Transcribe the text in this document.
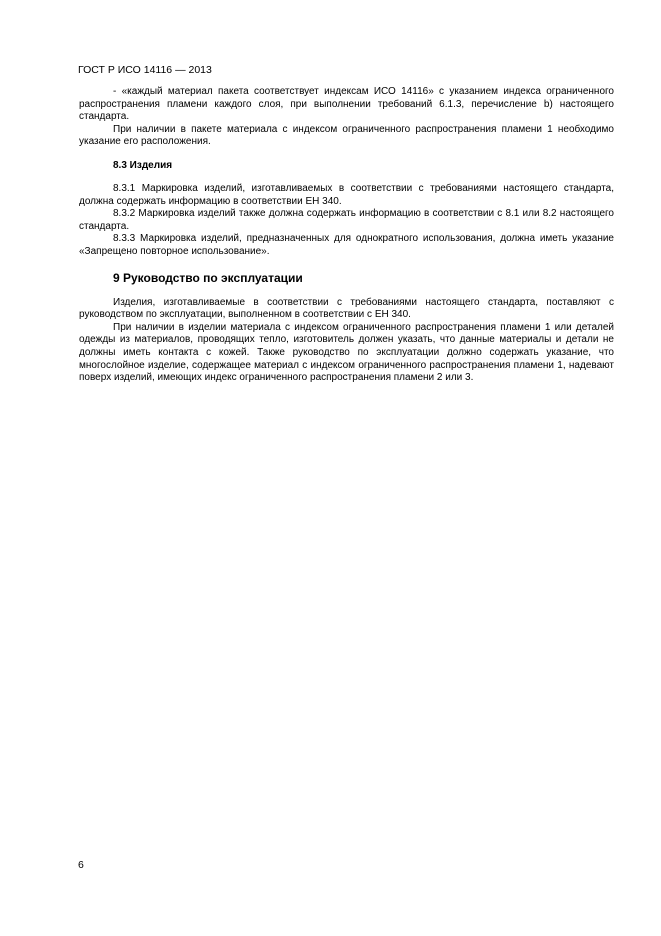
ГОСТ Р ИСО 14116 — 2013

- «каждый материал пакета соответствует индексам ИСО 14116» с указанием индекса ограниченного распространения пламени каждого слоя, при выполнении требований 6.1.3, перечисление b) настоящего стандарта.

При наличии в пакете материала с индексом ограниченного распространения пламени 1 необходимо указание его расположения.

8.3 Изделия

8.3.1 Маркировка изделий, изготавливаемых в соответствии с требованиями настоящего стандарта, должна содержать информацию в соответствии ЕН 340.

8.3.2 Маркировка изделий также должна содержать информацию в соответствии с 8.1 или 8.2 настоящего стандарта.

8.3.3 Маркировка изделий, предназначенных для однократного использования, должна иметь указание «Запрещено повторное использование».

9 Руководство по эксплуатации

Изделия, изготавливаемые в соответствии с требованиями настоящего стандарта, поставляют с руководством по эксплуатации, выполненном в соответствии с ЕН 340.

При наличии в изделии материала с индексом ограниченного распространения пламени 1 или деталей одежды из материалов, проводящих тепло, изготовитель должен указать, что данные материалы и детали не должны иметь контакта с кожей. Также руководство по эксплуатации должно содержать указание, что многослойное изделие, содержащее материал с индексом ограниченного распространения пламени 1, надевают поверх изделий, имеющих индекс ограниченного распространения пламени 2 или 3.

6
